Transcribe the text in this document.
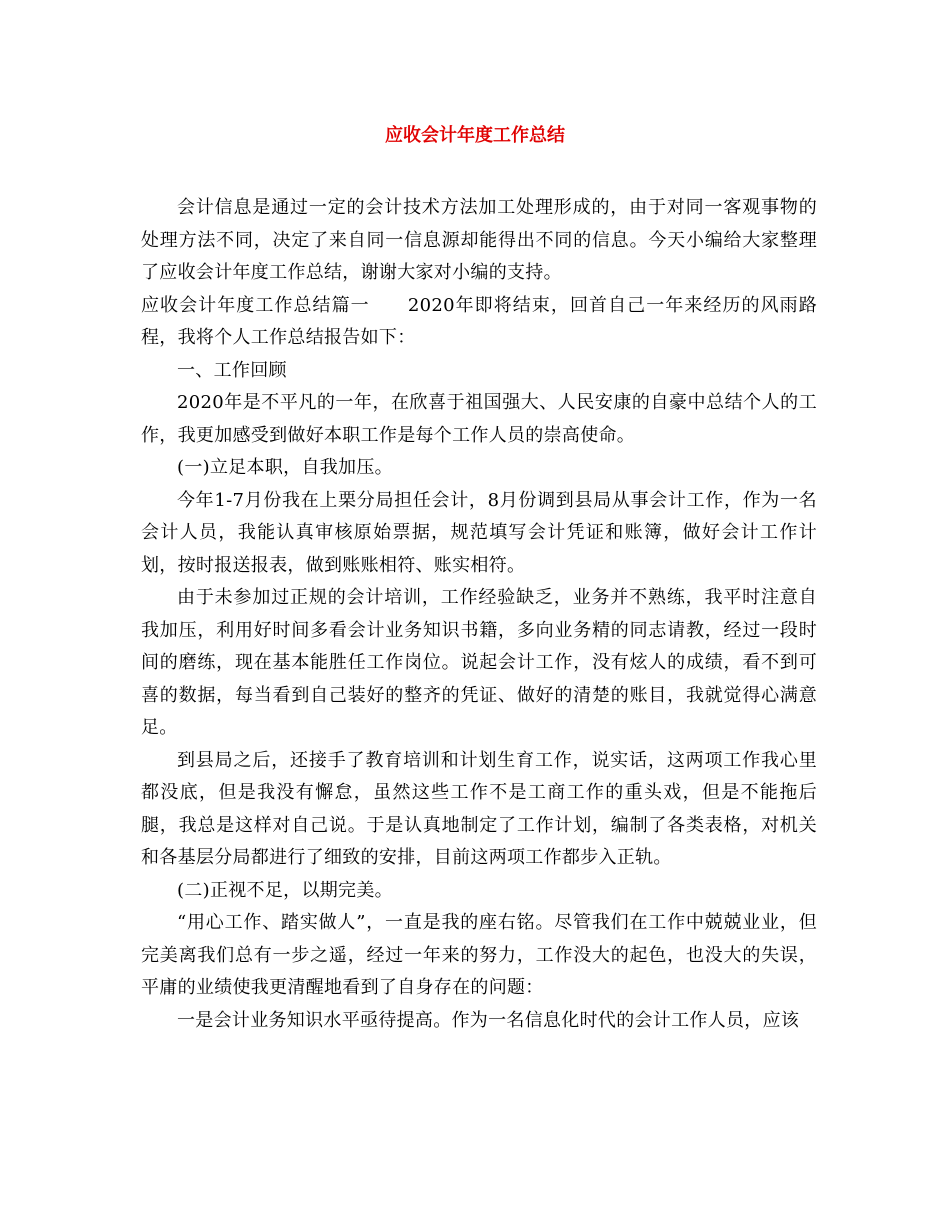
应收会计年度工作总结

会计信息是通过一定的会计技术方法加工处理形成的，由于对同一客观事物的处理方法不同，决定了来自同一信息源却能得出不同的信息。今天小编给大家整理了应收会计年度工作总结，谢谢大家对小编的支持。

应收会计年度工作总结篇一　　2020年即将结束，回首自己一年来经历的风雨路程，我将个人工作总结报告如下：

一、工作回顾

2020年是不平凡的一年，在欣喜于祖国强大、人民安康的自豪中总结个人的工作，我更加感受到做好本职工作是每个工作人员的崇高使命。

(一)立足本职，自我加压。

今年1-7月份我在上栗分局担任会计，8月份调到县局从事会计工作，作为一名会计人员，我能认真审核原始票据，规范填写会计凭证和账簿，做好会计工作计划，按时报送报表，做到账账相符、账实相符。

由于未参加过正规的会计培训，工作经验缺乏，业务并不熟练，我平时注意自我加压，利用好时间多看会计业务知识书籍，多向业务精的同志请教，经过一段时间的磨练，现在基本能胜任工作岗位。说起会计工作，没有炫人的成绩，看不到可喜的数据，每当看到自己装好的整齐的凭证、做好的清楚的账目，我就觉得心满意足。

到县局之后，还接手了教育培训和计划生育工作，说实话，这两项工作我心里都没底，但是我没有懈怠，虽然这些工作不是工商工作的重头戏，但是不能拖后腿，我总是这样对自己说。于是认真地制定了工作计划，编制了各类表格，对机关和各基层分局都进行了细致的安排，目前这两项工作都步入正轨。

(二)正视不足，以期完美。

“用心工作、踏实做人”，一直是我的座右铭。尽管我们在工作中兢兢业业，但完美离我们总有一步之遥，经过一年来的努力，工作没大的起色，也没大的失误，平庸的业绩使我更清醒地看到了自身存在的问题：

一是会计业务知识水平亟待提高。作为一名信息化时代的会计工作人员，应该
